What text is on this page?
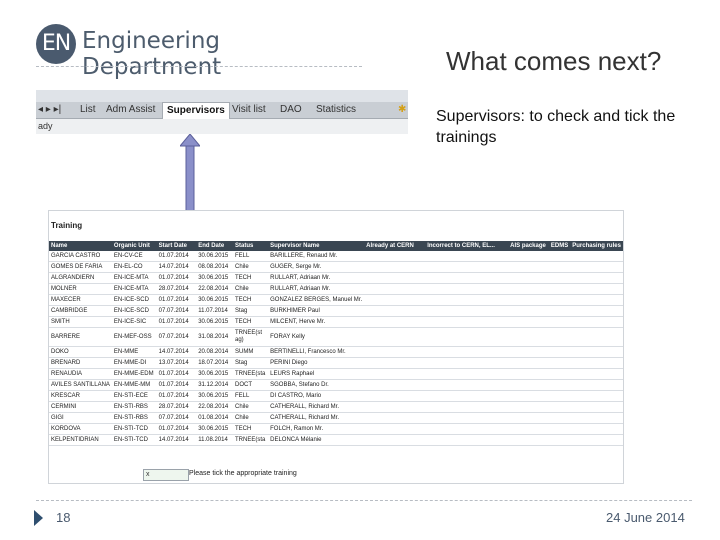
EN Engineering Department	What comes next?
Supervisors: to check and tick the trainings
◂ ▸ ▸|	List	Adm Assist	Supervisors Visit list	DAO	Statistics	✱
ady
Training
Name	Organic Unit	Start Date	End Date	Status	Supervisor Name	Already at CERN	Incorrect to CERN, EL...	AIS package	EDMS	Purchasing rules
GARCIA CASTRO	EN-CV-CE	01.07.2014	30.06.2015	FELL	BARILLERE, Renaud Mr.					
GOMES DE FARIA	EN-EL-CO	14.07.2014	08.08.2014	Chile	GUGER, Serge Mr.					
ALGRANDIERN	EN-ICE-MTA	01.07.2014	30.06.2015	TECH	RULLART, Adriaan Mr.					
MOLNER	EN-ICE-MTA	28.07.2014	22.08.2014	Chile	RULLART, Adriaan Mr.					
MAXECER	EN-ICE-SCD	01.07.2014	30.06.2015	TECH	GONZALEZ BERGES, Manuel Mr.					
CAMBRIDGE	EN-ICE-SCD	07.07.2014	11.07.2014	Stag	BURKHIMER Paul					
SMITH	EN-ICE-SIC	01.07.2014	30.06.2015	TECH	MILCENT, Herve Mr.					
BARRERE	EN-MEF-OSS	07.07.2014	31.08.2014	TRNEE(st ag)	FORAY Kelly					
DOKO	EN-MME	14.07.2014	20.08.2014	SUMM	BERTINELLI, Francesco Mr.					
BRENARD	EN-MME-DI	13.07.2014	18.07.2014	Stag	PERINI Diego					
RENAUDIA	EN-MME-EDM	01.07.2014	30.06.2015	TRNEE(sta	LEURS Raphael					
AVILES SANTILLANA	EN-MME-MM	01.07.2014	31.12.2014	DOCT	SGOBBA, Stefano Dr.					
KRESCAR	EN-STI-ECE	01.07.2014	30.06.2015	FELL	DI CASTRO, Mario					
CERMINI	EN-STI-RBS	28.07.2014	22.08.2014	Chile	CATHERALL, Richard Mr.					
GIGI	EN-STI-RBS	07.07.2014	01.08.2014	Chile	CATHERALL, Richard Mr.					
KORDOVA	EN-STI-TCD	01.07.2014	30.06.2015	TECH	FOLCH, Ramon Mr.					
KELPENTIDRIAN	EN-STI-TCD	14.07.2014	11.08.2014	TRNEE(sta	DELONCA Mélanie					
x	Please tick the appropriate training
18	24 June 2014
